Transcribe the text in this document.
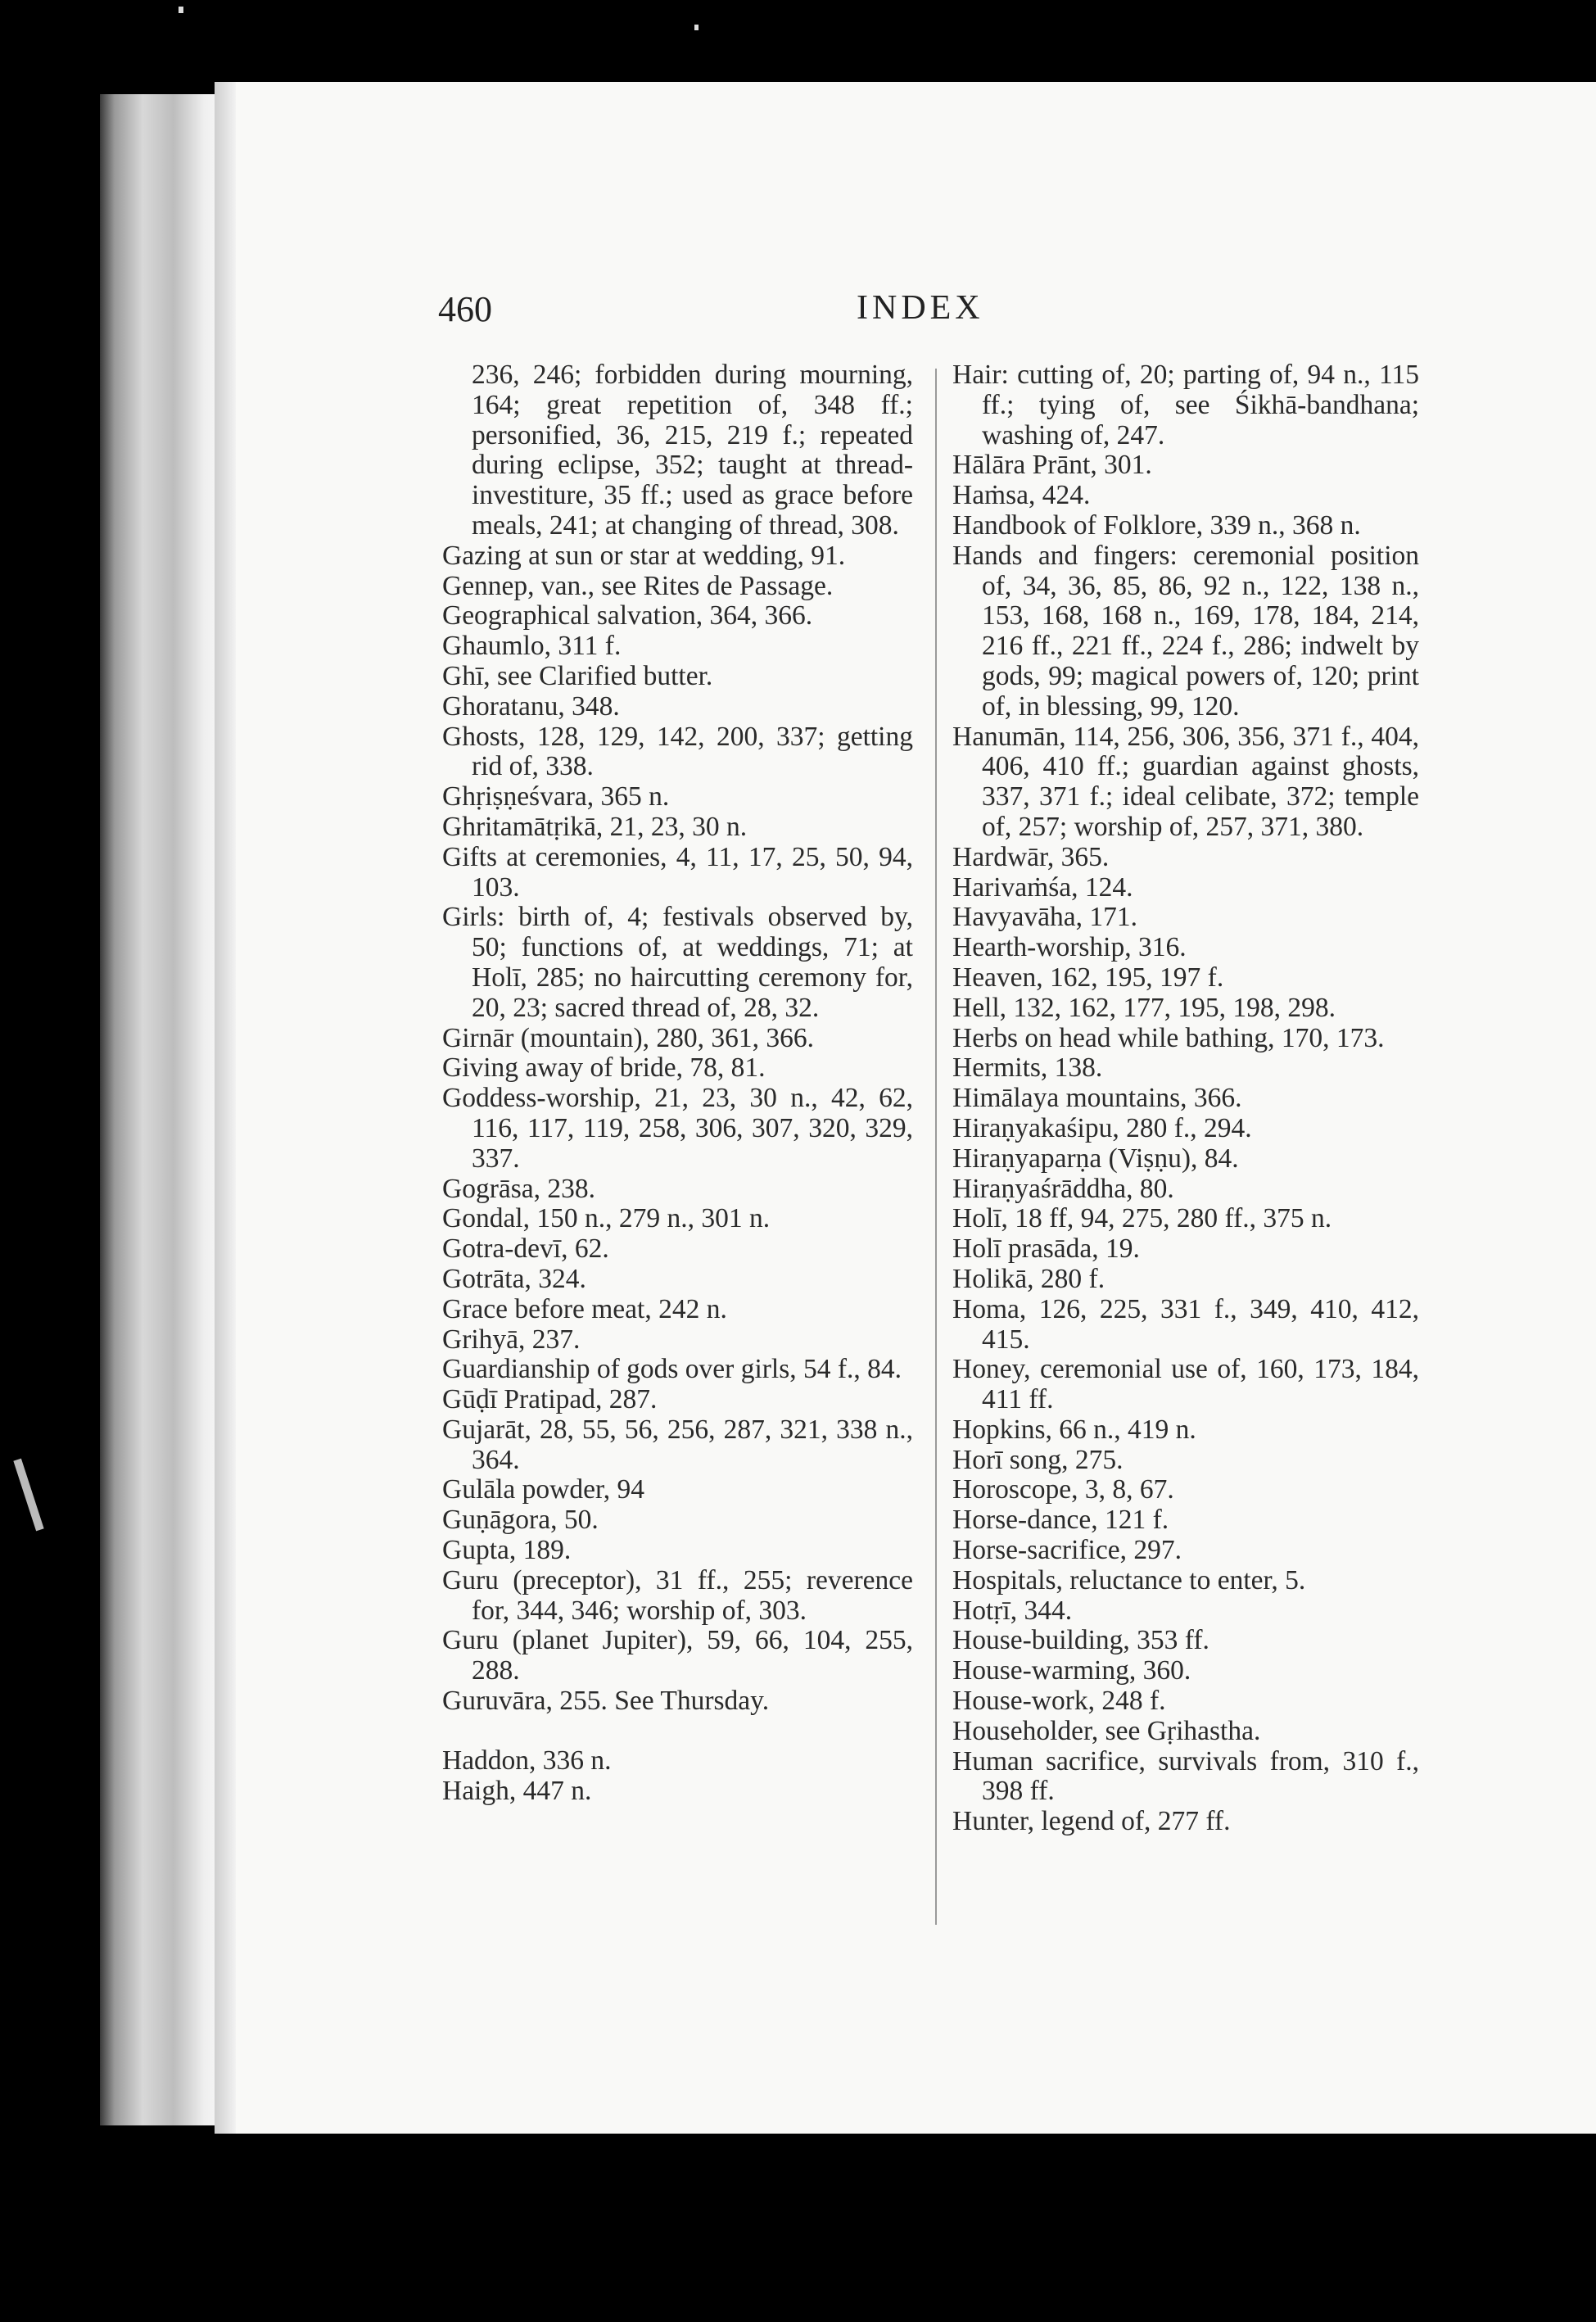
460	INDEX
236, 246; forbidden during mourning, 164; great repetition of, 348 ff.; personified, 36, 215, 219 f.; repeated during eclipse, 352; taught at thread-investiture, 35 ff.; used as grace before meals, 241; at changing of thread, 308.
Gazing at sun or star at wedding, 91.
Gennep, van., see Rites de Passage.
Geographical salvation, 364, 366.
Ghaumlo, 311 f.
Ghī, see Clarified butter.
Ghoratanu, 348.
Ghosts, 128, 129, 142, 200, 337; getting rid of, 338.
Ghṛiṣṇeśvara, 365 n.
Ghritamātṛikā, 21, 23, 30 n.
Gifts at ceremonies, 4, 11, 17, 25, 50, 94, 103.
Girls: birth of, 4; festivals observed by, 50; functions of, at weddings, 71; at Holī, 285; no haircutting ceremony for, 20, 23; sacred thread of, 28, 32.
Girnār (mountain), 280, 361, 366.
Giving away of bride, 78, 81.
Goddess-worship, 21, 23, 30 n., 42, 62, 116, 117, 119, 258, 306, 307, 320, 329, 337.
Gogrāsa, 238.
Gondal, 150 n., 279 n., 301 n.
Gotra-devī, 62.
Gotrāta, 324.
Grace before meat, 242 n.
Grihyā, 237.
Guardianship of gods over girls, 54 f., 84.
Gūḍī Pratipad, 287.
Gujarāt, 28, 55, 56, 256, 287, 321, 338 n., 364.
Gulāla powder, 94
Guṇāgora, 50.
Gupta, 189.
Guru (preceptor), 31 ff., 255; reverence for, 344, 346; worship of, 303.
Guru (planet Jupiter), 59, 66, 104, 255, 288.
Guruvāra, 255. See Thursday.
Haddon, 336 n.
Haigh, 447 n.
Hair: cutting of, 20; parting of, 94 n., 115 ff.; tying of, see Śikhā-bandhana; washing of, 247.
Hālāra Prānt, 301.
Haṁsa, 424.
Handbook of Folklore, 339 n., 368 n.
Hands and fingers: ceremonial position of, 34, 36, 85, 86, 92 n., 122, 138 n., 153, 168, 168 n., 169, 178, 184, 214, 216 ff., 221 ff., 224 f., 286; indwelt by gods, 99; magical powers of, 120; print of, in blessing, 99, 120.
Hanumān, 114, 256, 306, 356, 371 f., 404, 406, 410 ff.; guardian against ghosts, 337, 371 f.; ideal celibate, 372; temple of, 257; worship of, 257, 371, 380.
Hardwār, 365.
Harivaṁśa, 124.
Havyavāha, 171.
Hearth-worship, 316.
Heaven, 162, 195, 197 f.
Hell, 132, 162, 177, 195, 198, 298.
Herbs on head while bathing, 170, 173.
Hermits, 138.
Himālaya mountains, 366.
Hiraṇyakaśipu, 280 f., 294.
Hiraṇyaparṇa (Viṣṇu), 84.
Hiraṇyaśrāddha, 80.
Holī, 18 ff, 94, 275, 280 ff., 375 n.
Holī prasāda, 19.
Holikā, 280 f.
Homa, 126, 225, 331 f., 349, 410, 412, 415.
Honey, ceremonial use of, 160, 173, 184, 411 ff.
Hopkins, 66 n., 419 n.
Horī song, 275.
Horoscope, 3, 8, 67.
Horse-dance, 121 f.
Horse-sacrifice, 297.
Hospitals, reluctance to enter, 5.
Hotṛī, 344.
House-building, 353 ff.
House-warming, 360.
House-work, 248 f.
Householder, see Gṛihastha.
Human sacrifice, survivals from, 310 f., 398 ff.
Hunter, legend of, 277 ff.
